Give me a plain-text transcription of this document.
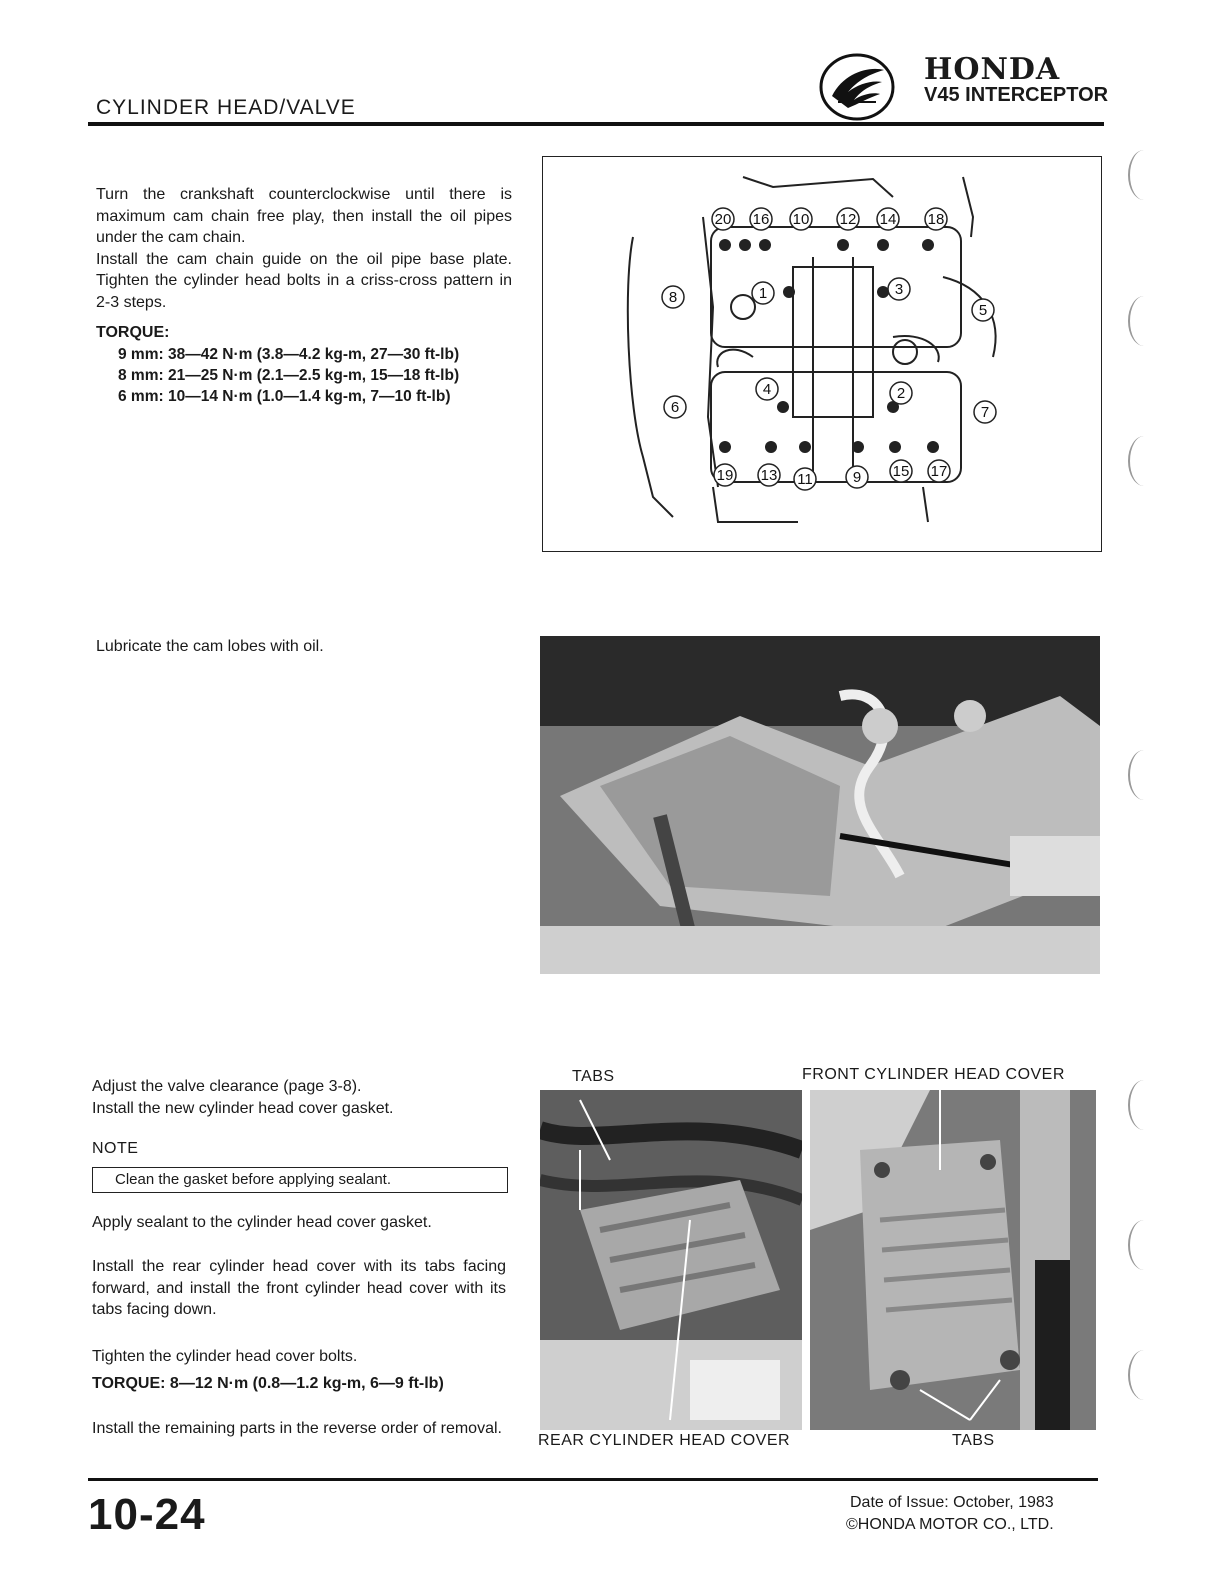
CYLINDER HEAD/VALVE
HONDA
V45 INTERCEPTOR
Turn the crankshaft counterclockwise until there is maximum cam chain free play, then install the oil pipes under the cam chain.
Install the cam chain guide on the oil pipe base plate. Tighten the cylinder head bolts in a criss-cross pattern in 2-3 steps.
TORQUE:
9 mm: 38—42 N·m (3.8—4.2 kg-m, 27—30 ft-lb)
8 mm: 21—25 N·m (2.1—2.5 kg-m, 15—18 ft-lb)
6 mm: 10—14 N·m (1.0—1.4 kg-m, 7—10 ft-lb)
20 16 10 12 14 18
8	1	3
5
6
4	2
7
19 13 11	9 15 17
Lubricate the cam lobes with oil.
Adjust the valve clearance (page 3-8).
Install the new cylinder head cover gasket.
NOTE
Clean the gasket before applying sealant.
Apply sealant to the cylinder head cover gasket.
Install the rear cylinder head cover with its tabs facing forward, and install the front cylinder head cover with its tabs facing down.
Tighten the cylinder head cover bolts.
TORQUE: 8—12 N·m (0.8—1.2 kg-m, 6—9 ft-lb)
Install the remaining parts in the reverse order of removal.
TABS	FRONT CYLINDER HEAD COVER
REAR CYLINDER HEAD COVER	TABS
10-24	Date of Issue: October, 1983
©HONDA MOTOR CO., LTD.
